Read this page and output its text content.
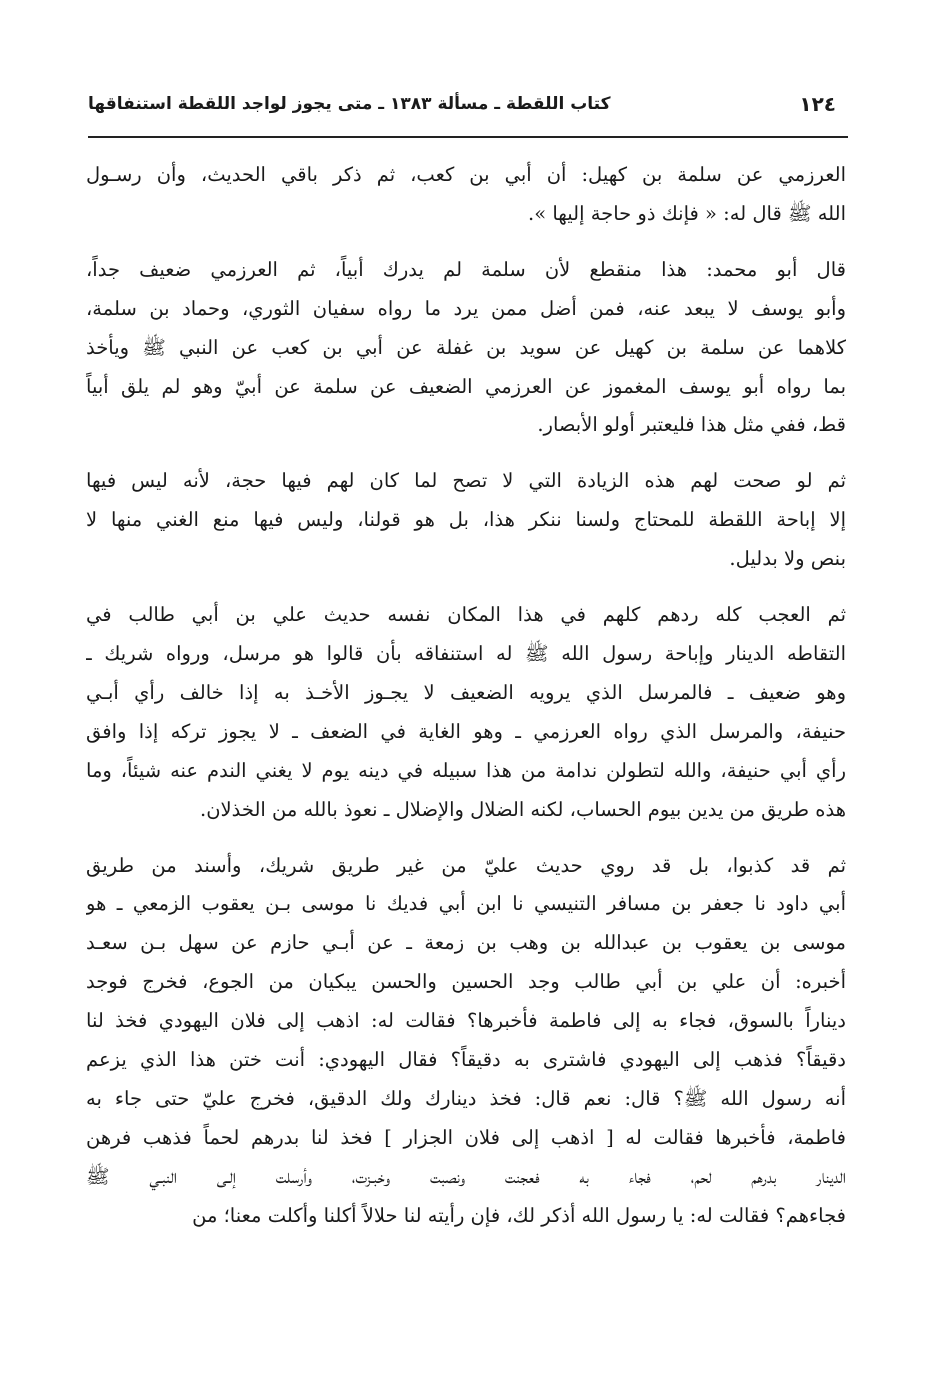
١٢٤
كتاب اللقطة ـ مسألة ١٣٨٣ ـ متى يجوز لواجد اللقطة استنفاقها

العرزمي عن سلمة بن كهيل: أن أبي بن كعب، ثم ذكر باقي الحديث، وأن رسـول
الله ﷺ قال له: « فإنك ذو حاجة إليها ».

قال أبو محمد: هذا منقطع لأن سلمة لم يدرك أبياً، ثم العرزمي ضعيف جداً،
وأبو يوسف لا يبعد عنه، فمن أضل ممن يرد ما رواه سفيان الثوري، وحماد بن سلمة،
كلاهما عن سلمة بن كهيل عن سويد بن غفلة عن أبي بن كعب عن النبي ﷺ ويأخذ
بما رواه أبو يوسف المغموز عن العرزمي الضعيف عن سلمة عن أبيّ وهو لم يلق أبياً
قط، ففي مثل هذا فليعتبر أولو الأبصار.

ثم لو صحت لهم هذه الزيادة التي لا تصح لما كان لهم فيها حجة، لأنه ليس فيها
إلا إباحة اللقطة للمحتاج ولسنا ننكر هذا، بل هو قولنا، وليس فيها منع الغني منها لا
بنص ولا بدليل.

ثم العجب كله ردهم كلهم في هذا المكان نفسه حديث علي بن أبي طالب في
التقاطه الدينار وإباحة رسول الله ﷺ له استنفاقه بأن قالوا هو مرسل، ورواه شريك ـ
وهو ضعيف ـ فالمرسل الذي يرويه الضعيف لا يجـوز الأخـذ به إذا خالف رأي أبـي
حنيفة، والمرسل الذي رواه العرزمي ـ وهو الغاية في الضعف ـ لا يجوز تركه إذا وافق
رأي أبي حنيفة، والله لتطولن ندامة من هذا سبيله في دينه يوم لا يغني الندم عنه شيئاً، وما
هذه طريق من يدين بيوم الحساب، لكنه الضلال والإضلال ـ نعوذ بالله من الخذلان.

ثم قد كذبوا، بل قد روي حديث عليّ من غير طريق شريك، وأسند من طريق
أبي داود نا جعفر بن مسافر التنيسي نا ابن أبي فديك نا موسى بـن يعقوب الزمعي ـ هو
موسى بن يعقوب بن عبدالله بن وهب بن زمعة ـ عن أبـي حازم عن سهل بـن سعـد
أخبره: أن علي بن أبي طالب وجد الحسين والحسن يبكيان من الجوع، فخرج فوجد
ديناراً بالسوق، فجاء به إلى فاطمة فأخبرها؟ فقالت له: اذهب إلى فلان اليهودي فخذ لنا
دقيقاً؟ فذهب إلى اليهودي فاشترى به دقيقاً؟ فقال اليهودي: أنت ختن هذا الذي يزعم
أنه رسول الله ﷺ؟ قال: نعم قال: فخذ دينارك ولك الدقيق، فخرج عليّ حتى جاء به
فاطمة، فأخبرها فقالت له [ اذهب إلى فلان الجزار ] فخذ لنا بدرهم لحماً فذهب فرهن
الدينار بدرهم لحم، فجاء به فعجنت ونصبت وخبـزت، وأرسلت إلـى النبـي ﷺ
فجاءهم؟ فقالت له: يا رسول الله أذكر لك، فإن رأيته لنا حلالاً أكلنا وأكلت معنا؛ من
